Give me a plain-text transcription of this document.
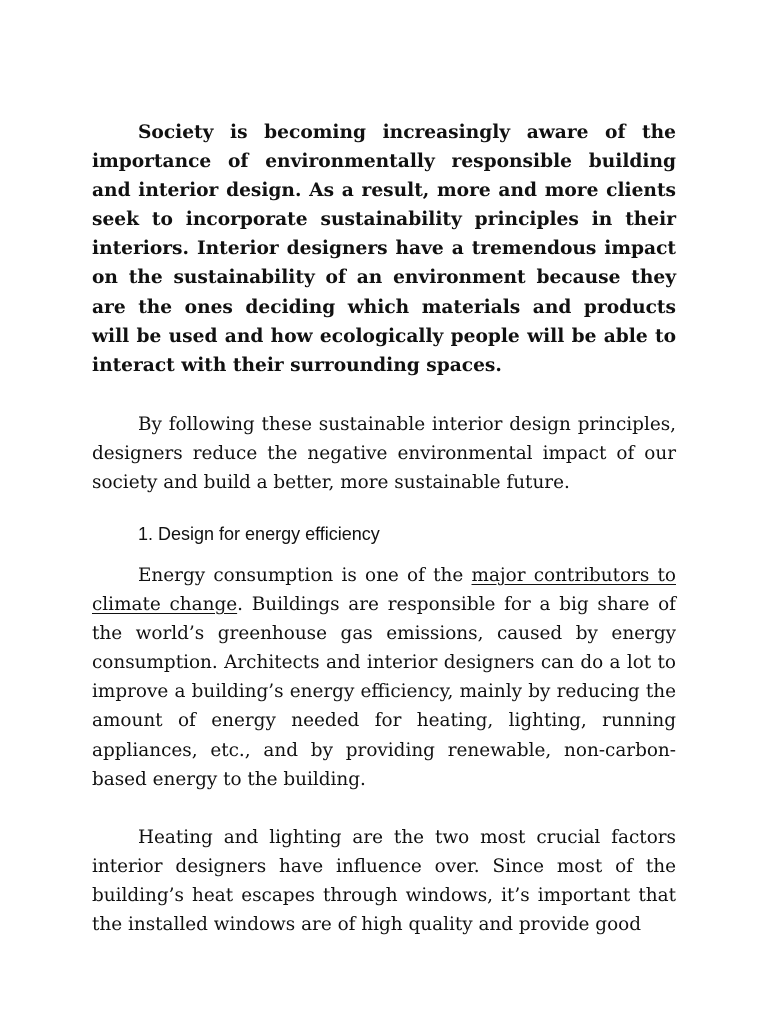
Society is becoming increasingly aware of the importance of environmentally responsible building and interior design. As a result, more and more clients seek to incorporate sustainability principles in their interiors. Interior designers have a tremendous impact on the sustainability of an environment because they are the ones deciding which materials and products will be used and how ecologically people will be able to interact with their surrounding spaces.

By following these sustainable interior design principles, designers reduce the negative environmental impact of our society and build a better, more sustainable future.

1. Design for energy efficiency

Energy consumption is one of the major contributors to climate change. Buildings are responsible for a big share of the world’s greenhouse gas emissions, caused by energy consumption. Architects and interior designers can do a lot to improve a building’s energy efficiency, mainly by reducing the amount of energy needed for heating, lighting, running appliances, etc., and by providing renewable, non-carbon-based energy to the building.

Heating and lighting are the two most crucial factors interior designers have influence over. Since most of the building’s heat escapes through windows, it’s important that the installed windows are of high quality and provide good
